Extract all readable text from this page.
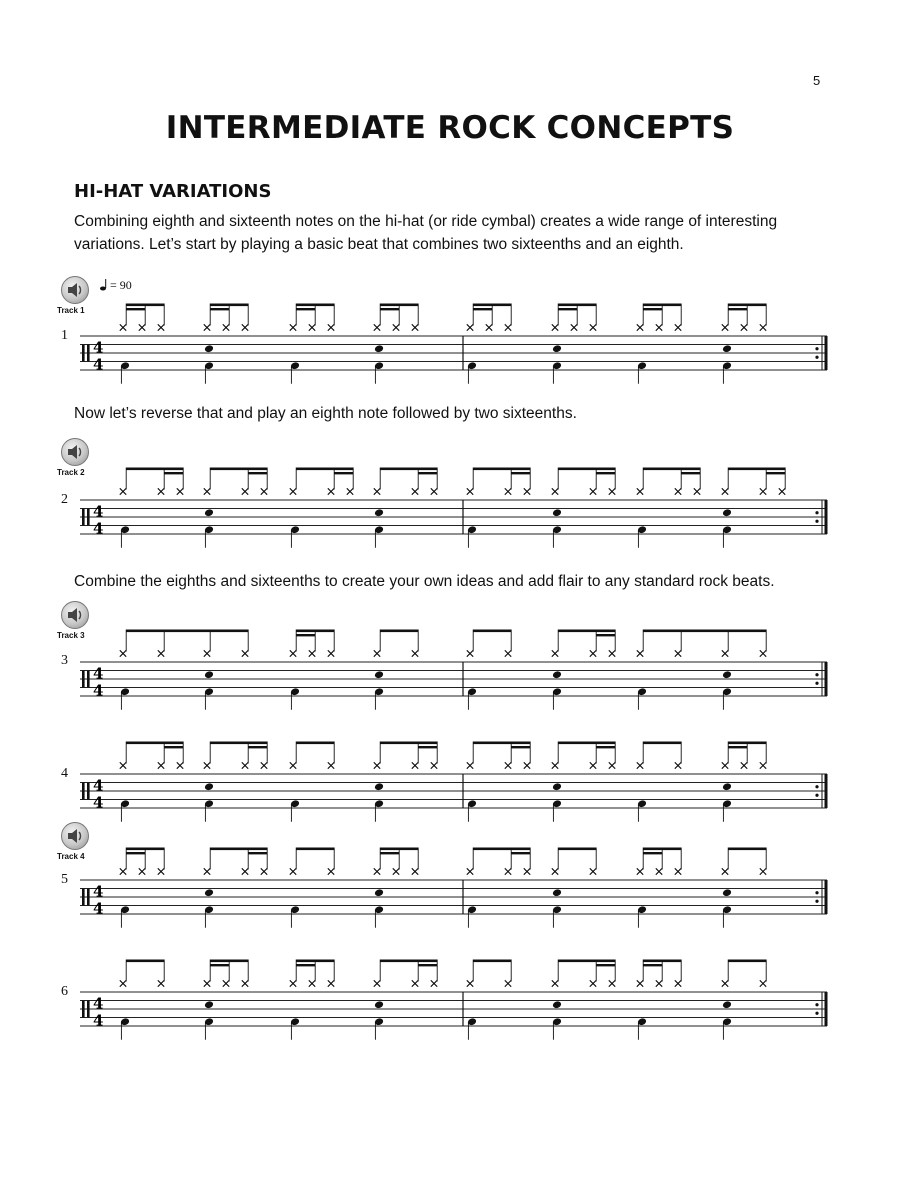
5
INTERMEDIATE ROCK CONCEPTS
HI-HAT VARIATIONS

Combining eighth and sixteenth notes on the hi-hat (or ride cymbal) creates a wide range of interesting variations. Let’s start by playing a basic beat that combines two sixteenths and an eighth.

= 90
Track 1
1
4
4

Now let’s reverse that and play an eighth note followed by two sixteenths.

Track 2
2
4
4

Combine the eighths and sixteenths to create your own ideas and add flair to any standard rock beats.

Track 3
3
4
4
4
4
4
Track 4
5
4
4
6
4
4
